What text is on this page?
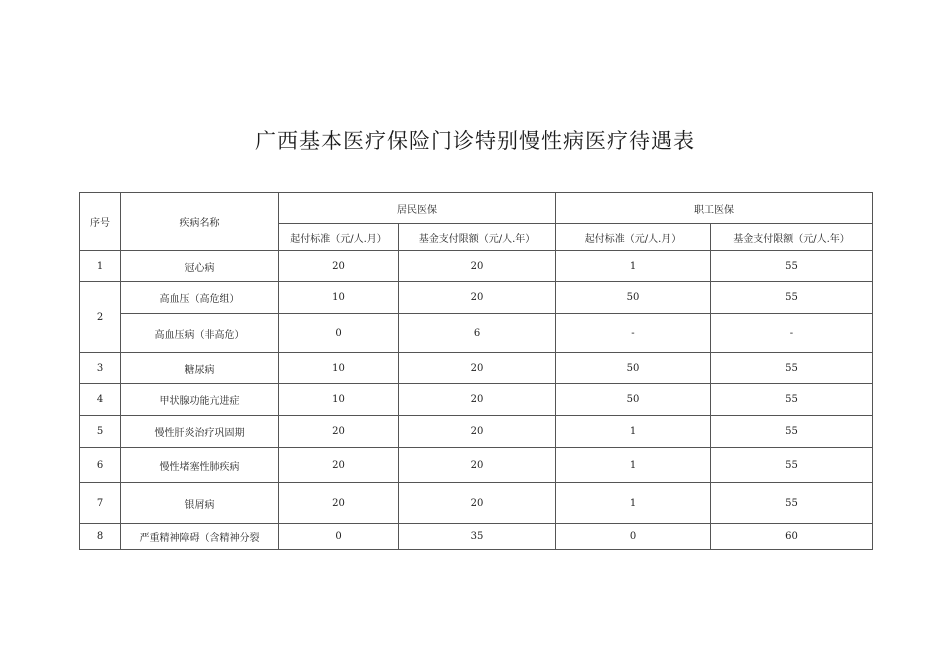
广西基本医疗保险门诊特别慢性病医疗待遇表
序号	疾病名称	居民医保		职工医保	
		起付标准（元/人.月）	基金支付限额（元/人.年）	起付标准（元/人.月）	基金支付限额（元/人.年）
1	冠心病	20	20	1	55
2	高血压（高危组）	10	20	50	55
	高血压病（非高危）	0	6	-	-
3	糖尿病	10	20	50	55
4	甲状腺功能亢进症	10	20	50	55
5	慢性肝炎治疗巩固期	20	20	1	55
6	慢性堵塞性肺疾病	20	20	1	55
7	银屑病	20	20	1	55
8	严重精神障碍（含精神分裂	0	35	0	60
